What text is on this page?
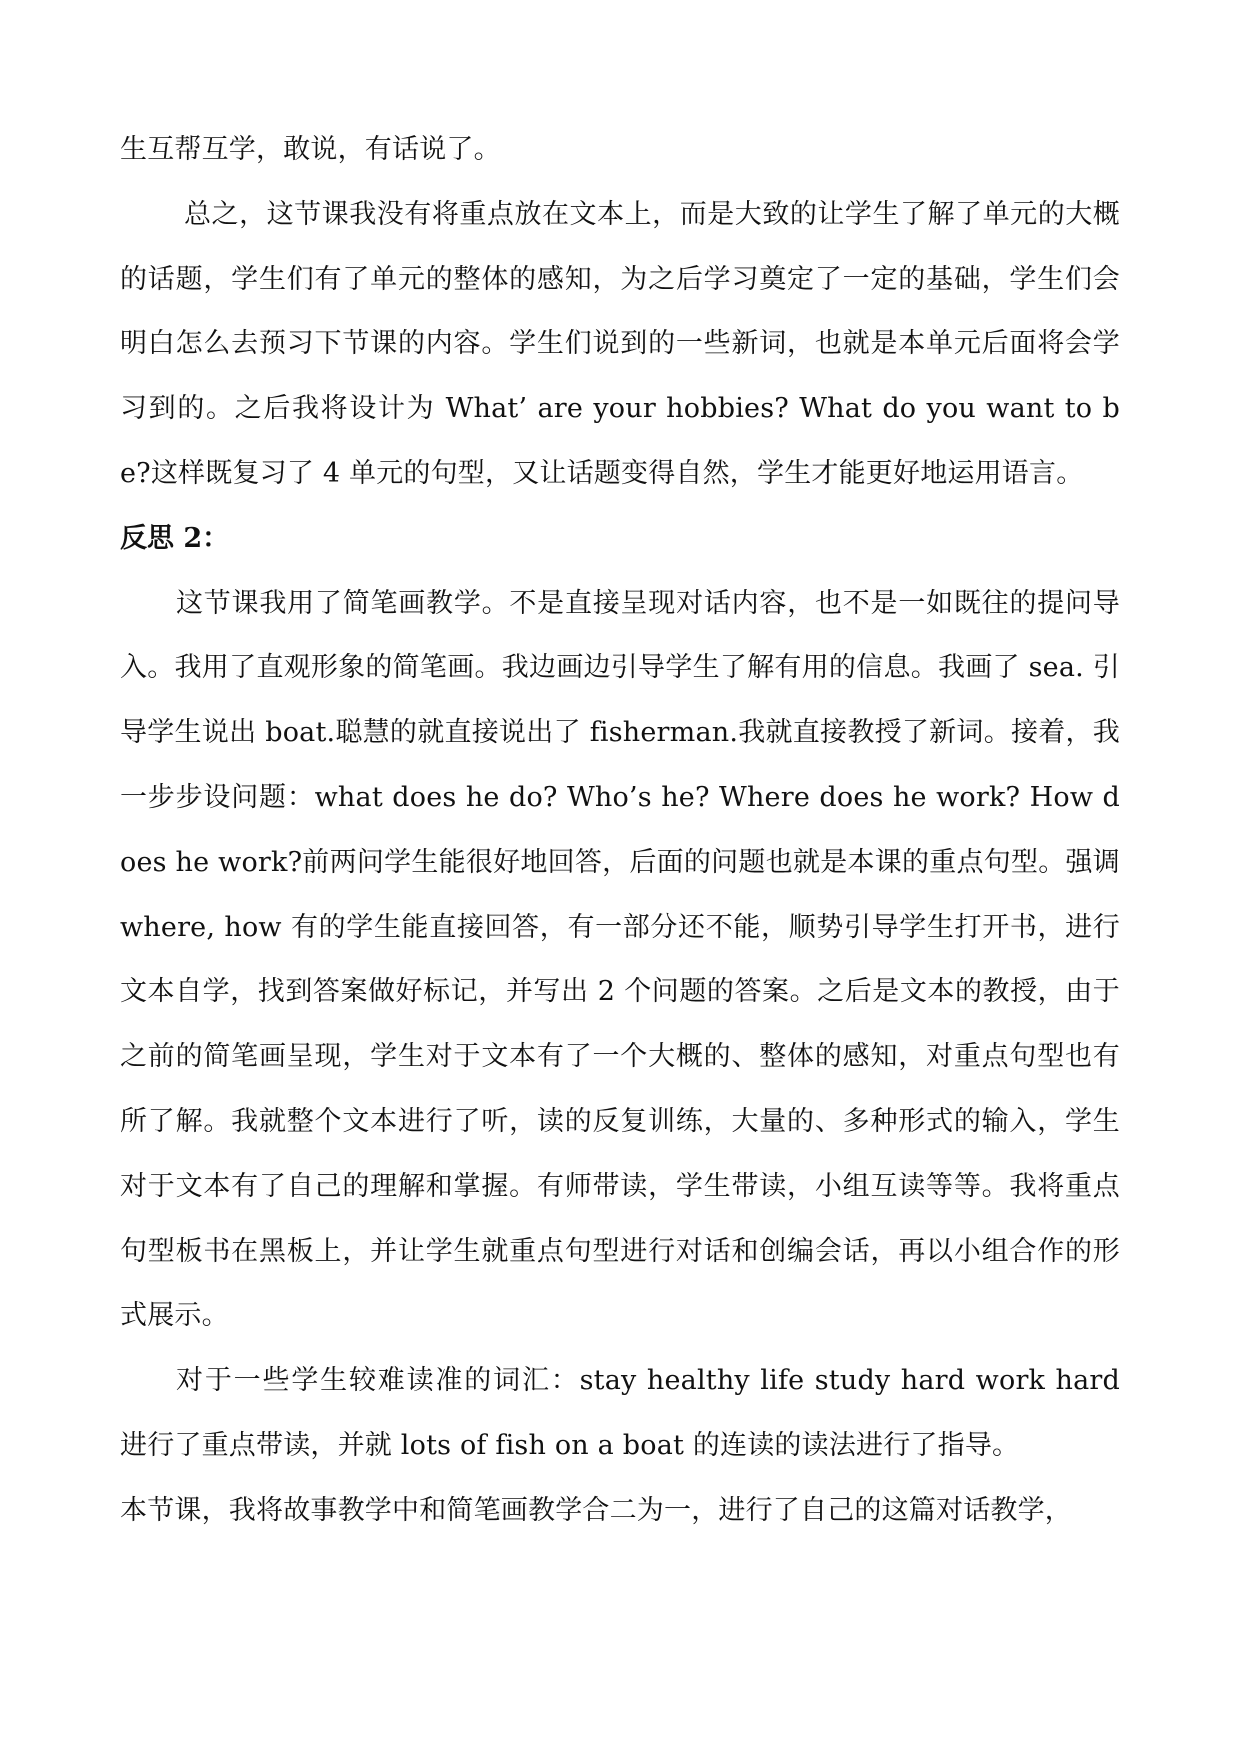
生互帮互学，敢说，有话说了。

总之，这节课我没有将重点放在文本上，而是大致的让学生了解了单元的大概的话题，学生们有了单元的整体的感知，为之后学习奠定了一定的基础，学生们会明白怎么去预习下节课的内容。学生们说到的一些新词，也就是本单元后面将会学习到的。之后我将设计为 What’ are your hobbies? What do you want to be?这样既复习了 4 单元的句型，又让话题变得自然，学生才能更好地运用语言。

反思 2：

这节课我用了简笔画教学。不是直接呈现对话内容，也不是一如既往的提问导入。我用了直观形象的简笔画。我边画边引导学生了解有用的信息。我画了 sea. 引导学生说出 boat.聪慧的就直接说出了 fisherman.我就直接教授了新词。接着，我一步步设问题：what does he do? Who’s he? Where does he work? How does he work?前两问学生能很好地回答，后面的问题也就是本课的重点句型。强调 where, how 有的学生能直接回答，有一部分还不能，顺势引导学生打开书，进行文本自学，找到答案做好标记，并写出 2 个问题的答案。之后是文本的教授，由于之前的简笔画呈现，学生对于文本有了一个大概的、整体的感知，对重点句型也有所了解。我就整个文本进行了听，读的反复训练，大量的、多种形式的输入，学生对于文本有了自己的理解和掌握。有师带读，学生带读，小组互读等等。我将重点句型板书在黑板上，并让学生就重点句型进行对话和创编会话，再以小组合作的形式展示。

对于一些学生较难读准的词汇：stay healthy life study hard work hard 进行了重点带读，并就 lots of fish on a boat 的连读的读法进行了指导。

本节课，我将故事教学中和简笔画教学合二为一，进行了自己的这篇对话教学，
